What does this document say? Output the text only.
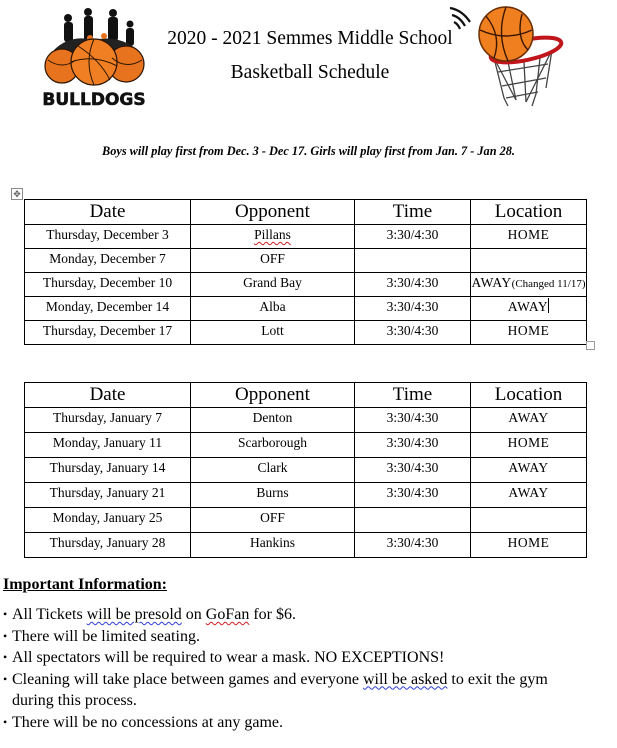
BULLDOGS
2020 - 2021 Semmes Middle School
Basketball Schedule
Boys will play first from Dec. 3 - Dec 17. Girls will play first from Jan. 7 - Jan 28.
✥
Date	Opponent	Time	Location
Thursday, December 3	Pillans	3:30/4:30	HOME
Monday, December 7	OFF		
Thursday, December 10	Grand Bay	3:30/4:30	AWAY(Changed 11/17)
Monday, December 14	Alba	3:30/4:30	AWAY
Thursday, December 17	Lott	3:30/4:30	HOME
Date	Opponent	Time	Location
Thursday, January 7	Denton	3:30/4:30	AWAY
Monday, January 11	Scarborough	3:30/4:30	HOME
Thursday, January 14	Clark	3:30/4:30	AWAY
Thursday, January 21	Burns	3:30/4:30	AWAY
Monday, January 25	OFF		
Thursday, January 28	Hankins	3:30/4:30	HOME
Important Information:
• All Tickets will be presold on GoFan for $6.
• There will be limited seating.
• All spectators will be required to wear a mask. NO EXCEPTIONS!
• Cleaning will take place between games and everyone will be asked to exit the gym during this process.
• There will be no concessions at any game.
